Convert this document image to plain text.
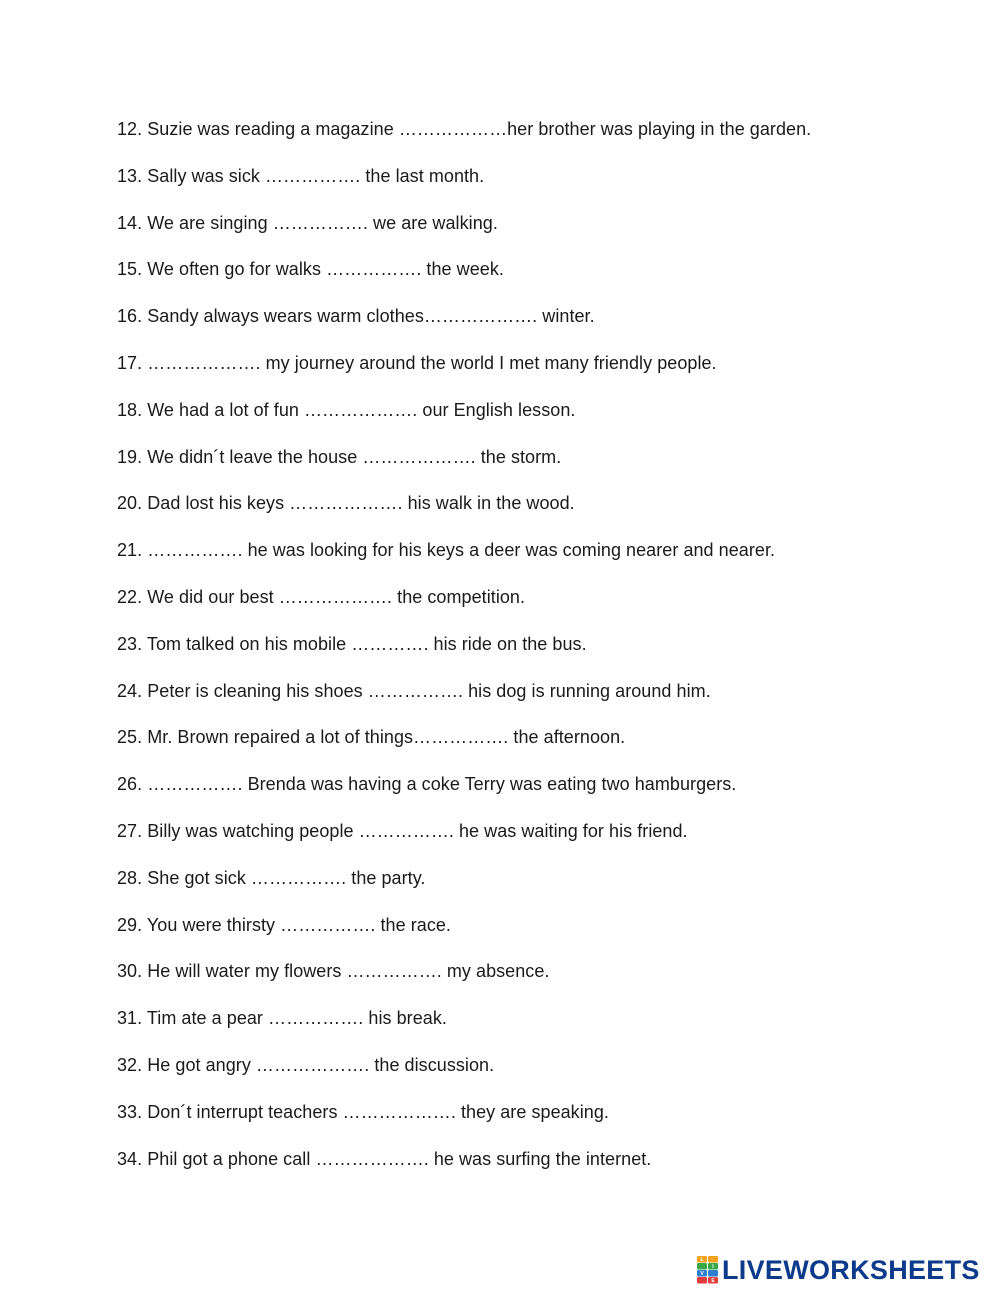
12. Suzie was reading a magazine ………………her brother was playing in the garden.
13. Sally was sick ……………. the last month.
14. We are singing ……………. we are walking.
15. We often go for walks ……………. the week.
16. Sandy always wears warm clothes………………. winter.
17. ………………. my journey around the world I met many friendly people.
18. We had a lot of fun ………………. our English lesson.
19. We didn´t leave the house ………………. the storm.
20. Dad lost his keys ………………. his walk in the wood.
21. ……………. he was looking for his keys a deer was coming nearer and nearer.
22. We did our best ………………. the competition.
23. Tom talked on his mobile …………. his ride on the bus.
24. Peter is cleaning his shoes ……………. his dog is running around him.
25. Mr. Brown repaired a lot of things……………. the afternoon.
26. ……………. Brenda was having a coke Terry was eating two hamburgers.
27. Billy was watching people ……………. he was waiting for his friend.
28. She got sick ……………. the party.
29. You were thirsty ……………. the race.
30. He will water my flowers ……………. my absence.
31. Tim ate a pear ……………. his break.
32. He got angry ………………. the discussion.
33. Don´t interrupt teachers ………………. they are speaking.
34. Phil got a phone call ………………. he was surfing the internet.
L
I
V
E LIVEWORKSHEETS
